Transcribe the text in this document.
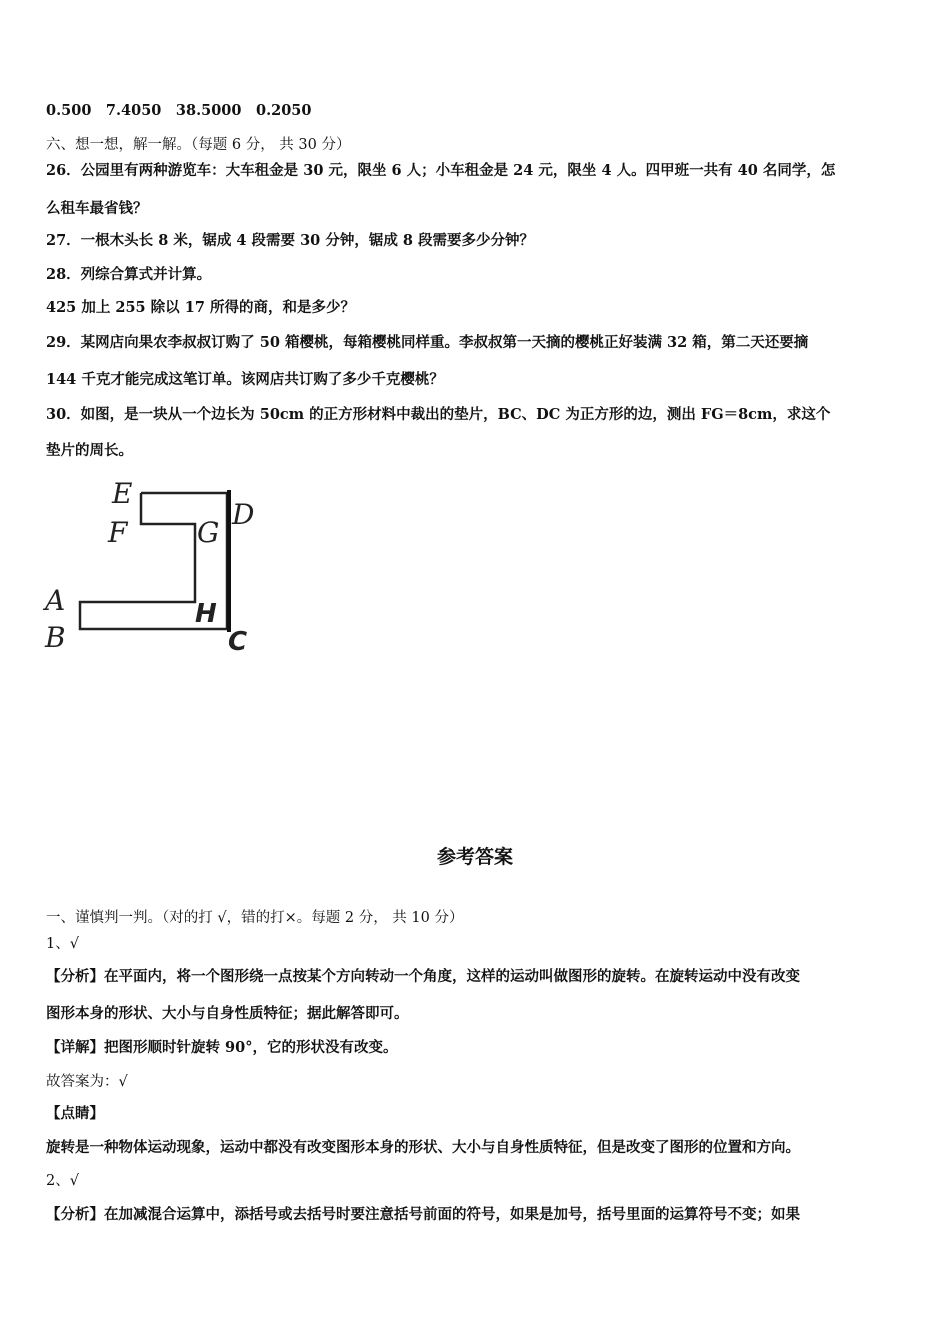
0.500　7.4050　38.5000　0.2050

六、想一想，解一解。（每题 6 分， 共 30 分）

26．公园里有两种游览车：大车租金是 30 元，限坐 6 人；小车租金是 24 元，限坐 4 人。四甲班一共有 40 名同学，怎

么租车最省钱？

27．一根木头长 8 米，锯成 4 段需要 30 分钟，锯成 8 段需要多少分钟？

28．列综合算式并计算。

425 加上 255 除以 17 所得的商，和是多少？

29．某网店向果农李叔叔订购了 50 箱樱桃，每箱樱桃同样重。李叔叔第一天摘的樱桃正好装满 32 箱，第二天还要摘

144 千克才能完成这笔订单。该网店共订购了多少千克樱桃？

30．如图，是一块从一个边长为 50cm 的正方形材料中裁出的垫片，BC、DC 为正方形的边，测出 FG＝8cm，求这个

垫片的周长。

E
F G
D
A
B
H
C
参考答案

一、谨慎判一判。（对的打 √，错的打×。每题 2 分， 共 10 分）

1、√

【分析】在平面内，将一个图形绕一点按某个方向转动一个角度，这样的运动叫做图形的旋转。在旋转运动中没有改变

图形本身的形状、大小与自身性质特征；据此解答即可。

【详解】把图形顺时针旋转 90°，它的形状没有改变。

故答案为：√

【点睛】

旋转是一种物体运动现象，运动中都没有改变图形本身的形状、大小与自身性质特征，但是改变了图形的位置和方向。

2、√

【分析】在加减混合运算中，添括号或去括号时要注意括号前面的符号，如果是加号，括号里面的运算符号不变；如果
